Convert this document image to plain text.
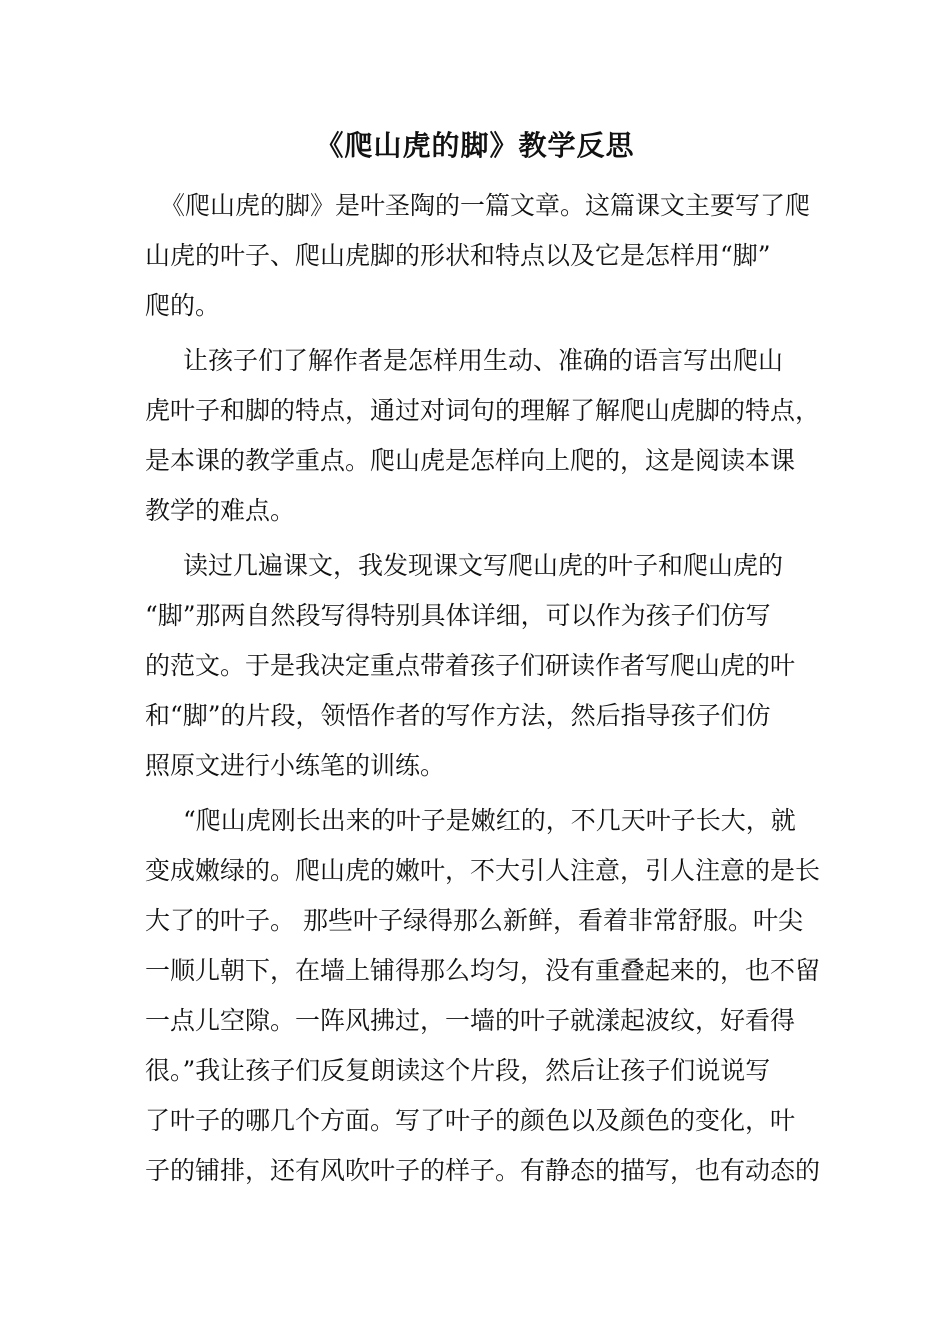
《爬山虎的脚》教学反思
《爬山虎的脚》是叶圣陶的一篇文章。这篇课文主要写了爬
山虎的叶子、爬山虎脚的形状和特点以及它是怎样用“脚”
爬的。
让孩子们了解作者是怎样用生动、准确的语言写出爬山
虎叶子和脚的特点，通过对词句的理解了解爬山虎脚的特点，
是本课的教学重点。爬山虎是怎样向上爬的，这是阅读本课
教学的难点。
读过几遍课文，我发现课文写爬山虎的叶子和爬山虎的
“脚”那两自然段写得特别具体详细，可以作为孩子们仿写
的范文。于是我决定重点带着孩子们研读作者写爬山虎的叶
和“脚”的片段，领悟作者的写作方法，然后指导孩子们仿
照原文进行小练笔的训练。
“爬山虎刚长出来的叶子是嫩红的，不几天叶子长大，就
变成嫩绿的。爬山虎的嫩叶，不大引人注意，引人注意的是长
大了的叶子。 那些叶子绿得那么新鲜，看着非常舒服。叶尖
一顺儿朝下，在墙上铺得那么均匀，没有重叠起来的，也不留
一点儿空隙。一阵风拂过，一墙的叶子就漾起波纹，好看得
很。”我让孩子们反复朗读这个片段，然后让孩子们说说写
了叶子的哪几个方面。写了叶子的颜色以及颜色的变化，叶
子的铺排，还有风吹叶子的样子。有静态的描写，也有动态的
